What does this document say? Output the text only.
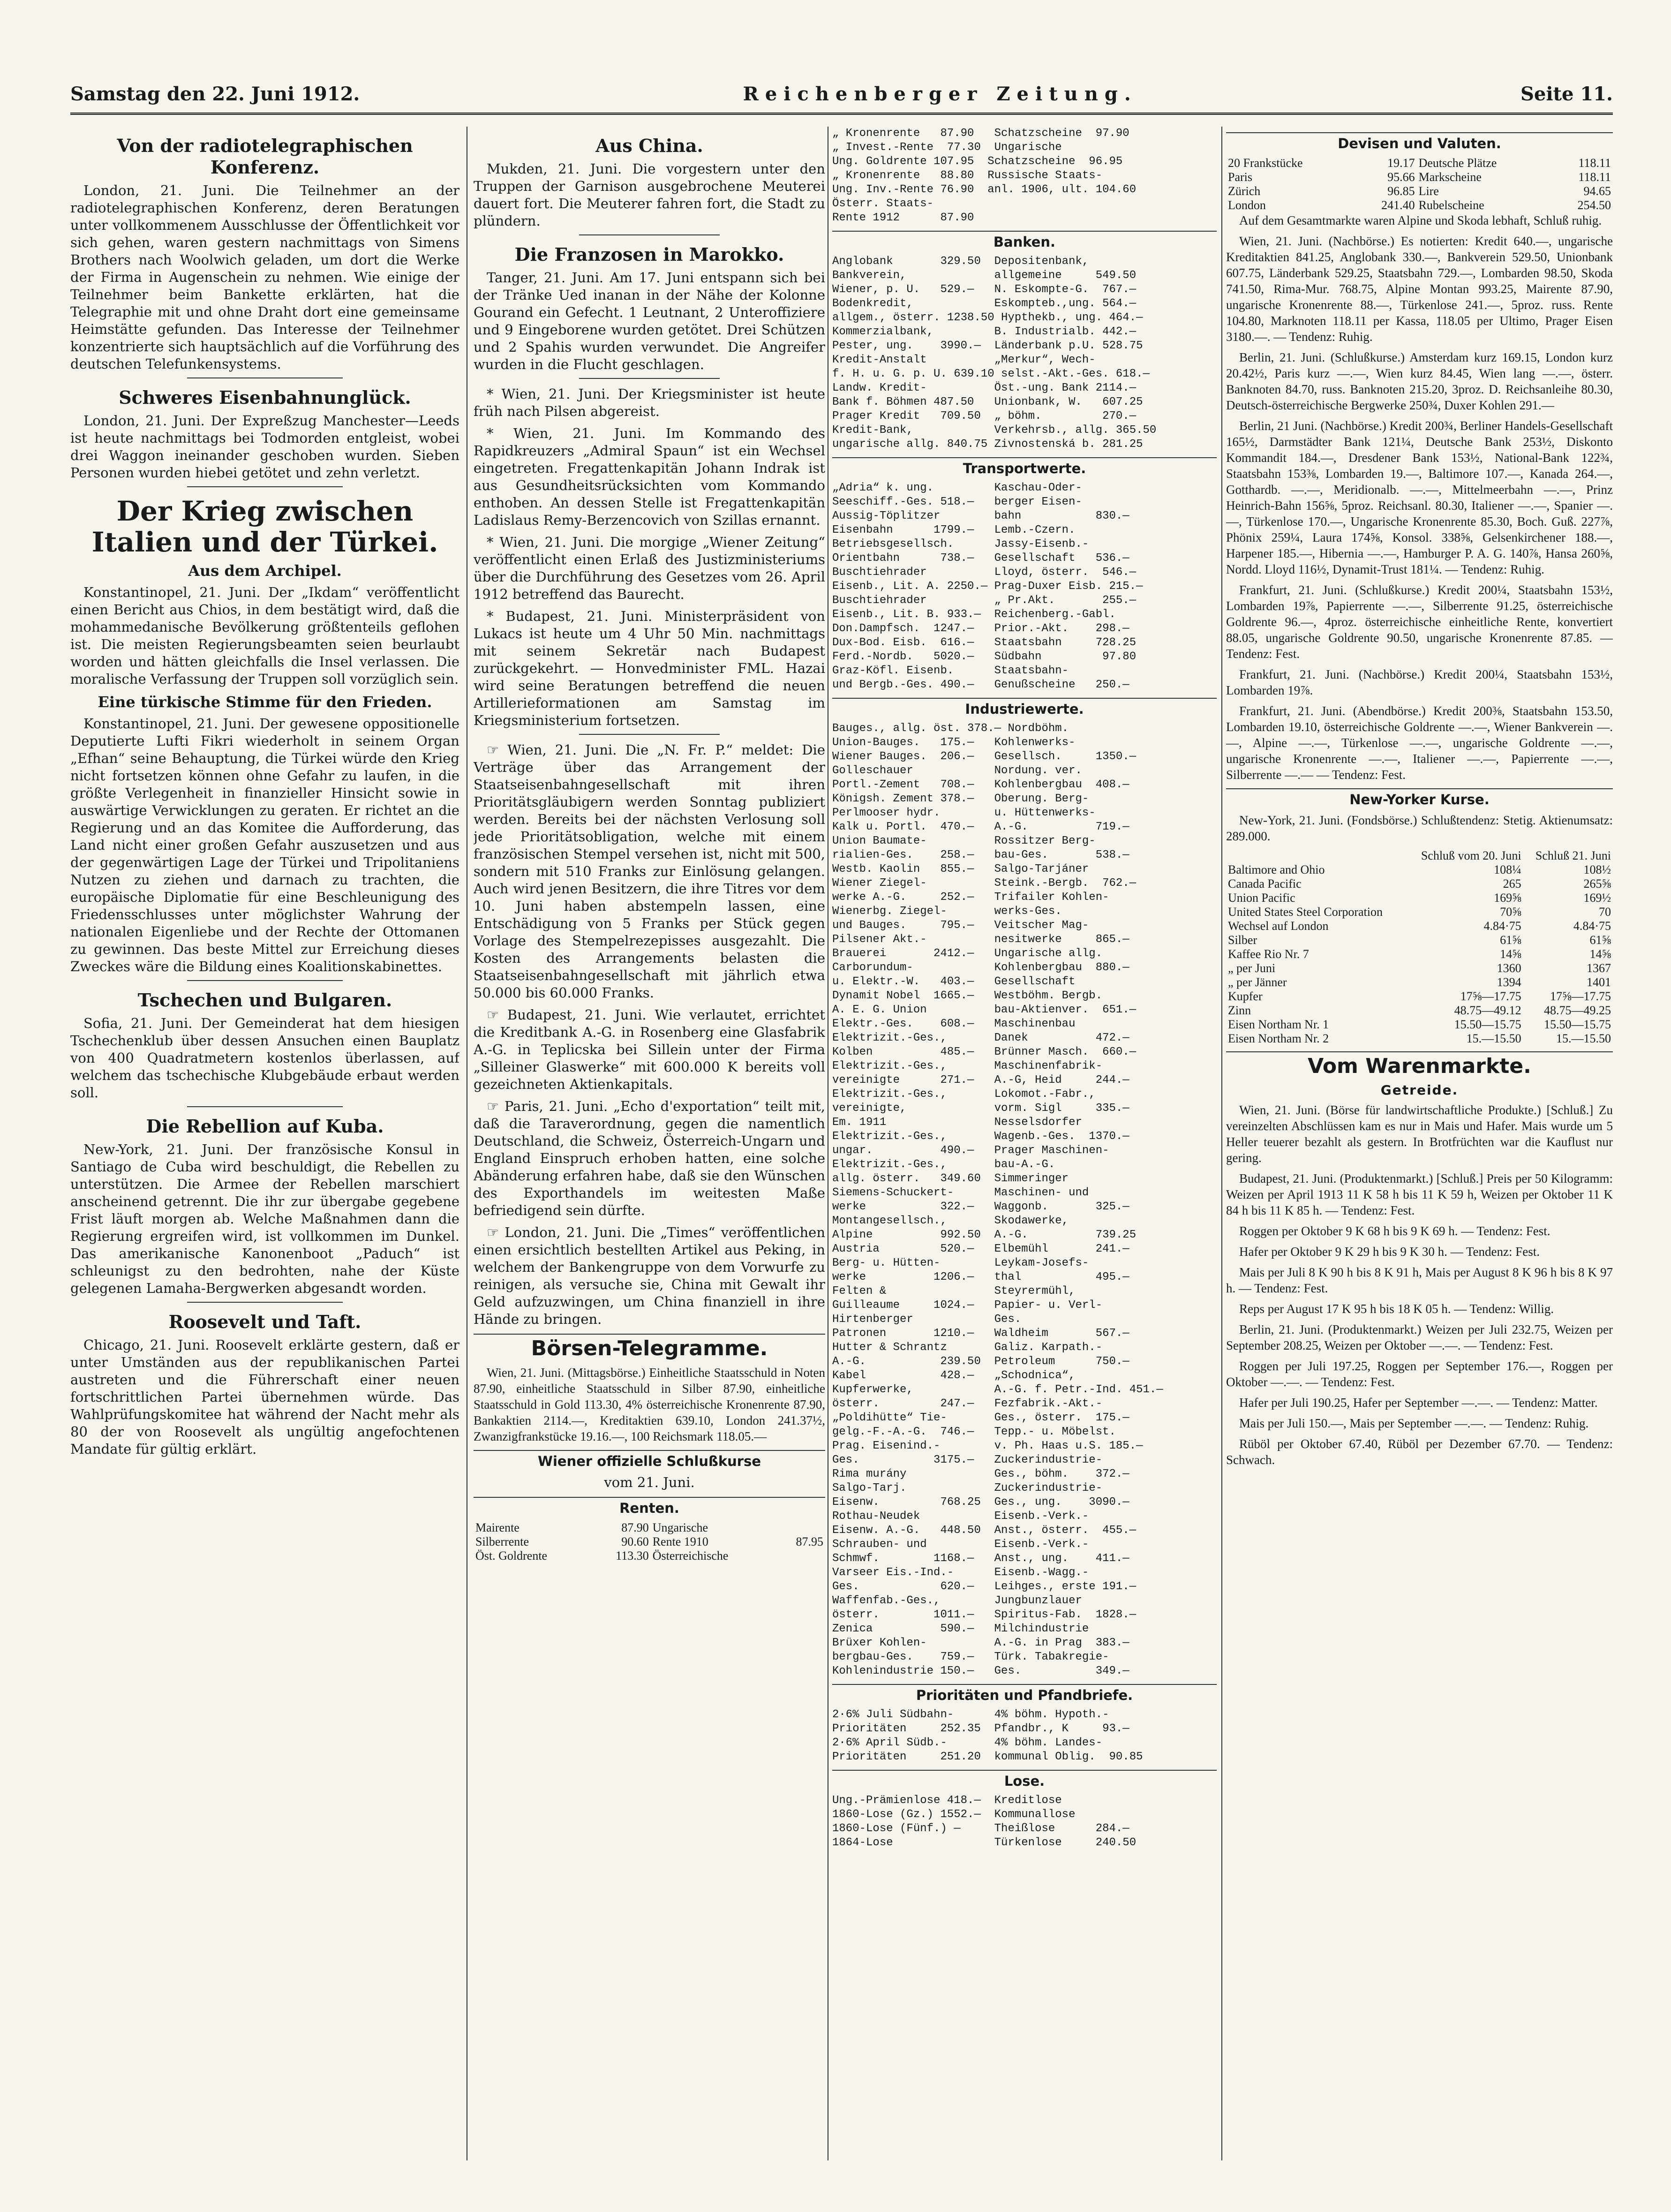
Samstag den 22. Juni 1912.	Reichenberger Zeitung.	Seite 11.
Von der radiotelegraphischen Konferenz.

London, 21. Juni. Die Teilnehmer an der radiotelegraphischen Konferenz, deren Beratungen unter vollkommenem Ausschlusse der Öffentlichkeit vor sich gehen, waren gestern nachmittags von Simens Brothers nach Woolwich geladen, um dort die Werke der Firma in Augenschein zu nehmen. Wie einige der Teilnehmer beim Bankette erklärten, hat die Telegraphie mit und ohne Draht dort eine gemeinsame Heimstätte gefunden. Das Interesse der Teilnehmer konzentrierte sich hauptsächlich auf die Vorführung des deutschen Telefunkensystems.

Schweres Eisenbahnunglück.

London, 21. Juni. Der Expreßzug Manchester—Leeds ist heute nachmittags bei Todmorden entgleist, wobei drei Waggon ineinander geschoben wurden. Sieben Personen wurden hiebei getötet und zehn verletzt.

Der Krieg zwischen Italien und der Türkei.
Aus dem Archipel.

Konstantinopel, 21. Juni. Der „Ikdam“ veröffentlicht einen Bericht aus Chios, in dem bestätigt wird, daß die mohammedanische Bevölkerung größtenteils geflohen ist. Die meisten Regierungsbeamten seien beurlaubt worden und hätten gleichfalls die Insel verlassen. Die moralische Verfassung der Truppen soll vorzüglich sein.

Eine türkische Stimme für den Frieden.

Konstantinopel, 21. Juni. Der gewesene oppositionelle Deputierte Lufti Fikri wiederholt in seinem Organ „Efhan“ seine Behauptung, die Türkei würde den Krieg nicht fortsetzen können ohne Gefahr zu laufen, in die größte Verlegenheit in finanzieller Hinsicht sowie in auswärtige Verwicklungen zu geraten. Er richtet an die Regierung und an das Komitee die Aufforderung, das Land nicht einer großen Gefahr auszusetzen und aus der gegenwärtigen Lage der Türkei und Tripolitaniens Nutzen zu ziehen und darnach zu trachten, die europäische Diplomatie für eine Beschleunigung des Friedensschlusses unter möglichster Wahrung der nationalen Eigenliebe und der Rechte der Ottomanen zu gewinnen. Das beste Mittel zur Erreichung dieses Zweckes wäre die Bildung eines Koalitionskabinettes.

Tschechen und Bulgaren.

Sofia, 21. Juni. Der Gemeinderat hat dem hiesigen Tschechenklub über dessen Ansuchen einen Bauplatz von 400 Quadratmetern kostenlos überlassen, auf welchem das tschechische Klubgebäude erbaut werden soll.

Die Rebellion auf Kuba.

New-York, 21. Juni. Der französische Konsul in Santiago de Cuba wird beschuldigt, die Rebellen zu unterstützen. Die Armee der Rebellen marschiert anscheinend getrennt. Die ihr zur übergabe gegebene Frist läuft morgen ab. Welche Maßnahmen dann die Regierung ergreifen wird, ist vollkommen im Dunkel. Das amerikanische Kanonenboot „Paduch“ ist schleunigst zu den bedrohten, nahe der Küste gelegenen Lamaha-Bergwerken abgesandt worden.

Roosevelt und Taft.

Chicago, 21. Juni. Roosevelt erklärte gestern, daß er unter Umständen aus der republikanischen Partei austreten und die Führerschaft einer neuen fortschrittlichen Partei übernehmen würde. Das Wahlprüfungskomitee hat während der Nacht mehr als 80 der von Roosevelt als ungültig angefochtenen Mandate für gültig erklärt.

Aus China.

Mukden, 21. Juni. Die vorgestern unter den Truppen der Garnison ausgebrochene Meuterei dauert fort. Die Meuterer fahren fort, die Stadt zu plündern.

Die Franzosen in Marokko.

Tanger, 21. Juni. Am 17. Juni entspann sich bei der Tränke Ued inanan in der Nähe der Kolonne Gourand ein Gefecht. 1 Leutnant, 2 Unteroffiziere und 9 Eingeborene wurden getötet. Drei Schützen und 2 Spahis wurden verwundet. Die Angreifer wurden in die Flucht geschlagen.

* Wien, 21. Juni. Der Kriegsminister ist heute früh nach Pilsen abgereist.

* Wien, 21. Juni. Im Kommando des Rapidkreuzers „Admiral Spaun“ ist ein Wechsel eingetreten. Fregattenkapitän Johann Indrak ist aus Gesundheitsrücksichten vom Kommando enthoben. An dessen Stelle ist Fregattenkapitän Ladislaus Remy-Berzencovich von Szillas ernannt.

* Wien, 21. Juni. Die morgige „Wiener Zeitung“ veröffentlicht einen Erlaß des Justizministeriums über die Durchführung des Gesetzes vom 26. April 1912 betreffend das Baurecht.

* Budapest, 21. Juni. Ministerpräsident von Lukacs ist heute um 4 Uhr 50 Min. nachmittags mit seinem Sekretär nach Budapest zurückgekehrt. — Honvedminister FML. Hazai wird seine Beratungen betreffend die neuen Artillerieformationen am Samstag im Kriegsministerium fortsetzen.

☞ Wien, 21. Juni. Die „N. Fr. P.“ meldet: Die Verträge über das Arrangement der Staatseisenbahngesellschaft mit ihren Prioritätsgläubigern werden Sonntag publiziert werden. Bereits bei der nächsten Verlosung soll jede Prioritätsobligation, welche mit einem französischen Stempel versehen ist, nicht mit 500, sondern mit 510 Franks zur Einlösung gelangen. Auch wird jenen Besitzern, die ihre Titres vor dem 10. Juni haben abstempeln lassen, eine Entschädigung von 5 Franks per Stück gegen Vorlage des Stempelrezepisses ausgezahlt. Die Kosten des Arrangements belasten die Staatseisenbahngesellschaft mit jährlich etwa 50.000 bis 60.000 Franks.

☞ Budapest, 21. Juni. Wie verlautet, errichtet die Kreditbank A.-G. in Rosenberg eine Glasfabrik A.-G. in Teplicska bei Sillein unter der Firma „Silleiner Glaswerke“ mit 600.000 K bereits voll gezeichneten Aktienkapitals.

☞ Paris, 21. Juni. „Echo d'exportation“ teilt mit, daß die Taraverordnung, gegen die namentlich Deutschland, die Schweiz, Österreich-Ungarn und England Einspruch erhoben hatten, eine solche Abänderung erfahren habe, daß sie den Wünschen des Exporthandels im weitesten Maße befriedigend sein dürfte.

☞ London, 21. Juni. Die „Times“ veröffentlichen einen ersichtlich bestellten Artikel aus Peking, in welchem der Bankengruppe von dem Vorwurfe zu reinigen, als versuche sie, China mit Gewalt ihr Geld aufzuzwingen, um China finanziell in ihre Hände zu bringen.

Börsen-Telegramme.
Wien, 21. Juni. (Mittagsbörse.) Einheitliche Staatsschuld in Noten 87.90, einheitliche Staatsschuld in Silber 87.90, einheitliche Staatsschuld in Gold 113.30, 4% österreichische Kronenrente 87.90, Bankaktien 2114.—, Kreditaktien 639.10, London 241.37½, Zwanzigfrankstücke 19.16.—, 100 Reichsmark 118.05.—
Wiener offizielle Schlußkurse
vom 21. Juni.
Renten.
Mairente	87.90	Ungarische	
Silberrente	90.60	Rente 1910	87.95
Öst. Goldrente	113.30	Österreichische	
„ Kronenrente   87.90   Schatzscheine  97.90
„ Invest.-Rente  77.30  Ungarische
Ung. Goldrente 107.95  Schatzscheine  96.95
„ Kronenrente   88.80  Russische Staats-
Ung. Inv.-Rente 76.90  anl. 1906, ult. 104.60
Österr. Staats-
Rente 1912      87.90
Banken.
Anglobank       329.50  Depositenbank,
Bankverein,             allgemeine     549.50
Wiener, p. U.   529.—   N. Eskompte-G.  767.—
Bodenkredit,            Eskompteb.,ung. 564.—
allgem., österr. 1238.50 Hypthekb., ung. 464.—
Kommerzialbank,         B. Industrialb. 442.—
Pester, ung.    3990.—  Länderbank p.U. 528.75
Kredit-Anstalt          „Merkur“, Wech-
f. H. u. G. p. U. 639.10 selst.-Akt.-Ges. 618.—
Landw. Kredit-          Öst.-ung. Bank 2114.—
Bank f. Böhmen 487.50   Unionbank, W.   607.25
Prager Kredit   709.50  „ böhm.         270.—
Kredit-Bank,            Verkehrsb., allg. 365.50
ungarische allg. 840.75 Zivnostenská b. 281.25
Transportwerte.
„Adria“ k. ung.         Kaschau-Oder-
Seeschiff.-Ges. 518.—   berger Eisen-
Aussig-Töplitzer        bahn           830.—
Eisenbahn      1799.—   Lemb.-Czern.
Betriebsgesellsch.      Jassy-Eisenb.-
Orientbahn      738.—   Gesellschaft   536.—
Buschtiehrader          Lloyd, österr.  546.—
Eisenb., Lit. A. 2250.— Prag-Duxer Eisb. 215.—
Buschtiehrader          „ Pr.Akt.       255.—
Eisenb., Lit. B. 933.—  Reichenberg.-Gabl.
Don.Dampfsch.  1247.—   Prior.-Akt.    298.—
Dux-Bod. Eisb.  616.—   Staatsbahn     728.25
Ferd.-Nordb.   5020.—   Südbahn         97.80
Graz-Köfl. Eisenb.      Staatsbahn-
und Bergb.-Ges. 490.—   Genußscheine   250.—
Industriewerte.
Bauges., allg. öst. 378.— Nordböhm.
Union-Bauges.   175.—   Kohlenwerks-
Wiener Bauges.  206.—   Gesellsch.     1350.—
Golleschauer            Nordung. ver.
Portl.-Zement   708.—   Kohlenbergbau  408.—
Königsh. Zement 378.—   Oberung. Berg-
Perlmooser hydr.        u. Hüttenwerks-
Kalk u. Portl.  470.—   A.-G.          719.—
Union Baumate-          Rossitzer Berg-
rialien-Ges.    258.—   bau-Ges.       538.—
Westb. Kaolin   855.—   Salgo-Tarjáner
Wiener Ziegel-          Steink.-Bergb.  762.—
werke A.-G.     252.—   Trifailer Kohlen-
Wienerbg. Ziegel-       werks-Ges.
und Bauges.     795.—   Veitscher Mag-
Pilsener Akt.-          nesitwerke     865.—
Brauerei       2412.—   Ungarische allg.
Carborundum-            Kohlenbergbau  880.—
u. Elektr.-W.   403.—   Gesellschaft
Dynamit Nobel  1665.—   Westböhm. Bergb.
A. E. G. Union          bau-Aktienver.  651.—
Elektr.-Ges.    608.—   Maschinenbau
Elektrizit.-Ges.,       Danek          472.—
Kolben          485.—   Brünner Masch.  660.—
Elektrizit.-Ges.,       Maschinenfabrik-
vereinigte      271.—   A.-G, Heid     244.—
Elektrizit.-Ges.,       Lokomot.-Fabr.,
vereinigte,             vorm. Sigl     335.—
Em. 1911                Nesselsdorfer
Elektrizit.-Ges.,       Wagenb.-Ges.  1370.—
ungar.          490.—   Prager Maschinen-
Elektrizit.-Ges.,       bau-A.-G.
allg. österr.   349.60  Simmeringer
Siemens-Schuckert-      Maschinen- und
werke           322.—   Waggonb.       325.—
Montangesellsch.,       Skodawerke,
Alpine          992.50  A.-G.          739.25
Austria         520.—   Elbemühl       241.—
Berg- u. Hütten-        Leykam-Josefs-
werke          1206.—   thal           495.—
Felten &                Steyrermühl,
Guilleaume     1024.—   Papier- u. Verl-
Hirtenberger            Ges.
Patronen       1210.—   Waldheim       567.—
Hutter & Schrantz       Galiz. Karpath.-
A.-G.           239.50  Petroleum      750.—
Kabel           428.—   „Schodnica“,
Kupferwerke,            A.-G. f. Petr.-Ind. 451.—
österr.         247.—   Fezfabrik.-Akt.-
„Poldihütte“ Tie-       Ges., österr.  175.—
gelg.-F.-A.-G.  746.—   Tepp.- u. Möbelst.
Prag. Eisenind.-        v. Ph. Haas u.S. 185.—
Ges.           3175.—   Zuckerindustrie-
Rima murány             Ges., böhm.    372.—
Salgo-Tarj.             Zuckerindustrie-
Eisenw.         768.25  Ges., ung.    3090.—
Rothau-Neudek           Eisenb.-Verk.-
Eisenw. A.-G.   448.50  Anst., österr.  455.—
Schrauben- und          Eisenb.-Verk.-
Schmwf.        1168.—   Anst., ung.    411.—
Varseer Eis.-Ind.-      Eisenb.-Wagg.-
Ges.            620.—   Leihges., erste 191.—
Waffenfab.-Ges.,        Jungbunzlauer
österr.        1011.—   Spiritus-Fab.  1828.—
Zenica          590.—   Milchindustrie
Brüxer Kohlen-          A.-G. in Prag  383.—
bergbau-Ges.    759.—   Türk. Tabakregie-
Kohlenindustrie 150.—   Ges.           349.—
Prioritäten und Pfandbriefe.
2·6% Juli Südbahn-      4% böhm. Hypoth.-
Prioritäten     252.35  Pfandbr., K     93.—
2·6% April Südb.-       4% böhm. Landes-
Prioritäten     251.20  kommunal Oblig.  90.85
Lose.
Ung.-Prämienlose 418.—  Kreditlose
1860-Lose (Gz.) 1552.—  Kommunallose
1860-Lose (Fünf.) —     Theißlose      284.—
1864-Lose               Türkenlose     240.50
Devisen und Valuten.
20 Frankstücke	19.17	Deutsche Plätze	118.11
Paris	95.66	Markscheine	118.11
Zürich	96.85	Lire	94.65
London	241.40	Rubelscheine	254.50
Auf dem Gesamtmarkte waren Alpine und Skoda lebhaft, Schluß ruhig.
Wien, 21. Juni. (Nachbörse.) Es notierten: Kredit 640.—, ungarische Kreditaktien 841.25, Anglobank 330.—, Bankverein 529.50, Unionbank 607.75, Länderbank 529.25, Staatsbahn 729.—, Lombarden 98.50, Skoda 741.50, Rima-Mur. 768.75, Alpine Montan 993.25, Mairente 87.90, ungarische Kronenrente 88.—, Türkenlose 241.—, 5proz. russ. Rente 104.80, Marknoten 118.11 per Kassa, 118.05 per Ultimo, Prager Eisen 3180.—. — Tendenz: Ruhig.
Berlin, 21. Juni. (Schlußkurse.) Amsterdam kurz 169.15, London kurz 20.42½, Paris kurz —.—, Wien kurz 84.45, Wien lang —.—, österr. Banknoten 84.70, russ. Banknoten 215.20, 3proz. D. Reichsanleihe 80.30, Deutsch-österreichische Bergwerke 250¾, Duxer Kohlen 291.—
Berlin, 21 Juni. (Nachbörse.) Kredit 200¾, Berliner Handels-Gesellschaft 165½, Darmstädter Bank 121¼, Deutsche Bank 253½, Diskonto Kommandit 184.—, Dresdener Bank 153½, National-Bank 122¾, Staatsbahn 153⅜, Lombarden 19.—, Baltimore 107.—, Kanada 264.—, Gotthardb. —.—, Meridionalb. —.—, Mittelmeerbahn —.—, Prinz Heinrich-Bahn 156⅝, 5proz. Reichsanl. 80.30, Italiener —.—, Spanier —.—, Türkenlose 170.—, Ungarische Kronenrente 85.30, Boch. Guß. 227⅞, Phönix 259¼, Laura 174⅝, Konsol. 338⅝, Gelsenkirchener 188.—, Harpener 185.—, Hibernia —.—, Hamburger P. A. G. 140⅞, Hansa 260⅝, Nordd. Lloyd 116½, Dynamit-Trust 181¼. — Tendenz: Ruhig.
Frankfurt, 21. Juni. (Schlußkurse.) Kredit 200¼, Staatsbahn 153½, Lombarden 19⅞, Papierrente —.—, Silberrente 91.25, österreichische Goldrente 96.—, 4proz. österreichische einheitliche Rente, konvertiert 88.05, ungarische Goldrente 90.50, ungarische Kronenrente 87.85. — Tendenz: Fest.
Frankfurt, 21. Juni. (Nachbörse.) Kredit 200¼, Staatsbahn 153½, Lombarden 19⅞.
Frankfurt, 21. Juni. (Abendbörse.) Kredit 200⅜, Staatsbahn 153.50, Lombarden 19.10, österreichische Goldrente —.—, Wiener Bankverein —.—, Alpine —.—, Türkenlose —.—, ungarische Goldrente —.—, ungarische Kronenrente —.—, Italiener —.—, Papierrente —.—, Silberrente —.— — Tendenz: Fest.
New-Yorker Kurse.
New-York, 21. Juni. (Fondsbörse.) Schlußtendenz: Stetig. Aktienumsatz: 289.000.
	Schluß vom 20. Juni	Schluß 21. Juni
Baltimore and Ohio	108¼	108½
Canada Pacific	265	265⅝
Union Pacific	169⅝	169½
United States Steel Corporation	70⅝	70
Wechsel auf London	4.84·75	4.84·75
Silber	61⅝	61⅝
Kaffee Rio Nr. 7	14⅝	14⅝
„ per Juni	1360	1367
„ per Jänner	1394	1401
Kupfer	17⅝—17.75	17⅝—17.75
Zinn	48.75—49.12	48.75—49.25
Eisen Northam Nr. 1	15.50—15.75	15.50—15.75
Eisen Northam Nr. 2	15.—15.50	15.—15.50
Vom Warenmarkte.
Getreide.
Wien, 21. Juni. (Börse für landwirtschaftliche Produkte.) [Schluß.] Zu vereinzelten Abschlüssen kam es nur in Mais und Hafer. Mais wurde um 5 Heller teuerer bezahlt als gestern. In Brotfrüchten war die Kauflust nur gering.
Budapest, 21. Juni. (Produktenmarkt.) [Schluß.] Preis per 50 Kilogramm: Weizen per April 1913 11 K 58 h bis 11 K 59 h, Weizen per Oktober 11 K 84 h bis 11 K 85 h. — Tendenz: Fest.
Roggen per Oktober 9 K 68 h bis 9 K 69 h. — Tendenz: Fest.
Hafer per Oktober 9 K 29 h bis 9 K 30 h. — Tendenz: Fest.
Mais per Juli 8 K 90 h bis 8 K 91 h, Mais per August 8 K 96 h bis 8 K 97 h. — Tendenz: Fest.
Reps per August 17 K 95 h bis 18 K 05 h. — Tendenz: Willig.
Berlin, 21. Juni. (Produktenmarkt.) Weizen per Juli 232.75, Weizen per September 208.25, Weizen per Oktober —.—. — Tendenz: Fest.
Roggen per Juli 197.25, Roggen per September 176.—, Roggen per Oktober —.—. — Tendenz: Fest.
Hafer per Juli 190.25, Hafer per September —.—. — Tendenz: Matter.
Mais per Juli 150.—, Mais per September —.—. — Tendenz: Ruhig.
Rüböl per Oktober 67.40, Rüböl per Dezember 67.70. — Tendenz: Schwach.
